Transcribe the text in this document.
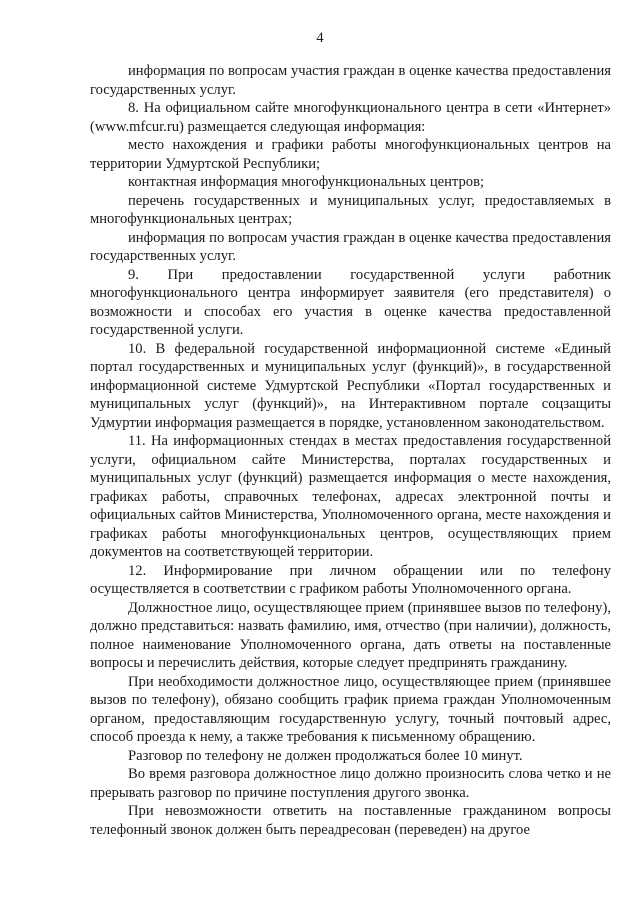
4

информация по вопросам участия граждан в оценке качества предоставления государственных услуг.

8. На официальном сайте многофункционального центра в сети «Интернет» (www.mfcur.ru) размещается следующая информация:

место нахождения и графики работы многофункциональных центров на территории Удмуртской Республики;

контактная информация многофункциональных центров;

перечень государственных и муниципальных услуг, предоставляемых в многофункциональных центрах;

информация по вопросам участия граждан в оценке качества предоставления государственных услуг.

9. При предоставлении государственной услуги работник многофункционального центра информирует заявителя (его представителя) о возможности и способах его участия в оценке качества предоставленной государственной услуги.

10. В федеральной государственной информационной системе «Единый портал государственных и муниципальных услуг (функций)», в государственной информационной системе Удмуртской Республики «Портал государственных и муниципальных услуг (функций)», на Интерактивном портале соцзащиты Удмуртии информация размещается в порядке, установленном законодательством.

11. На информационных стендах в местах предоставления государственной услуги, официальном сайте Министерства, порталах государственных и муниципальных услуг (функций) размещается информация о месте нахождения, графиках работы, справочных телефонах, адресах электронной почты и официальных сайтов Министерства, Уполномоченного органа, месте нахождения и графиках работы многофункциональных центров, осуществляющих прием документов на соответствующей территории.

12. Информирование при личном обращении или по телефону осуществляется в соответствии с графиком работы Уполномоченного органа.

Должностное лицо, осуществляющее прием (принявшее вызов по телефону), должно представиться: назвать фамилию, имя, отчество (при наличии), должность, полное наименование Уполномоченного органа, дать ответы на поставленные вопросы и перечислить действия, которые следует предпринять гражданину.

При необходимости должностное лицо, осуществляющее прием (принявшее вызов по телефону), обязано сообщить график приема граждан Уполномоченным органом, предоставляющим государственную услугу, точный почтовый адрес, способ проезда к нему, а также требования к письменному обращению.

Разговор по телефону не должен продолжаться более 10 минут.

Во время разговора должностное лицо должно произносить слова четко и не прерывать разговор по причине поступления другого звонка.

При невозможности ответить на поставленные гражданином вопросы телефонный звонок должен быть переадресован (переведен) на другое
